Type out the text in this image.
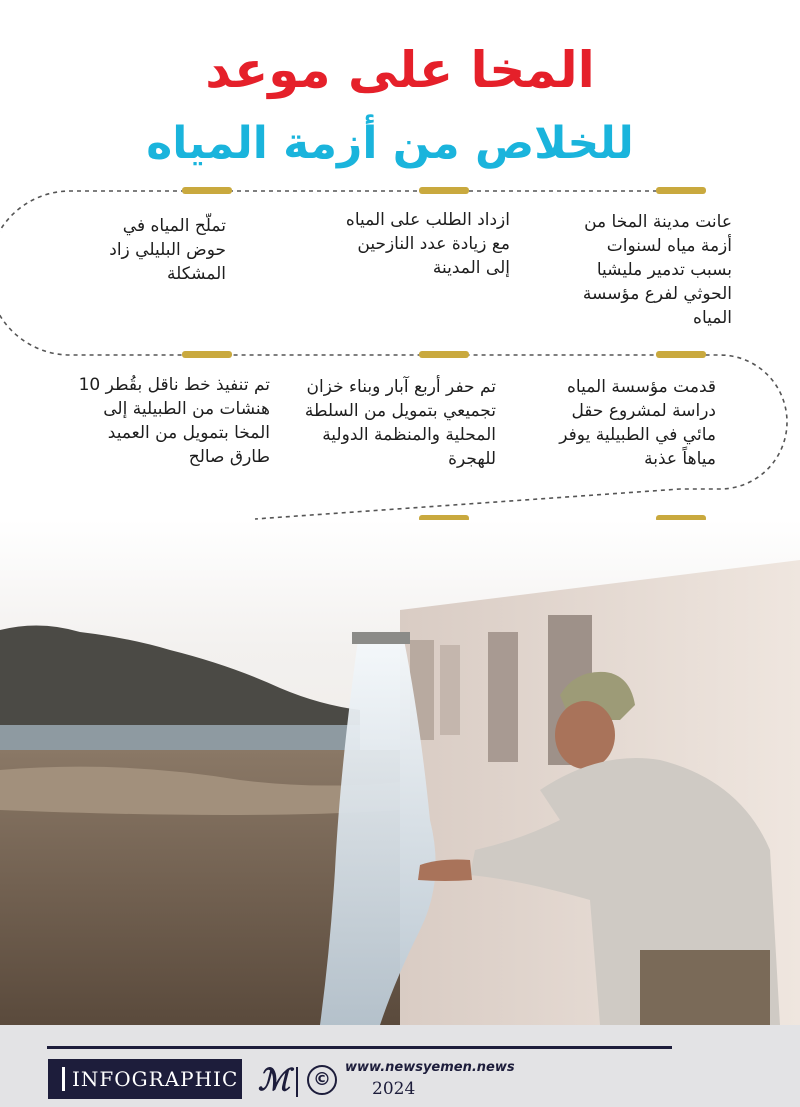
المخا على موعد
للخلاص من أزمة المياه
عانت مدينة المخا من أزمة مياه لسنوات بسبب تدمير مليشيا الحوثي لفرع مؤسسة المياه
ازداد الطلب على المياه مع زيادة عدد النازحين إلى المدينة
تملّح المياه في حوض البليلي زاد المشكلة
قدمت مؤسسة المياه دراسة لمشروع حقل مائي في الطبيلية يوفر مياهاً عذبة
تم حفر أربع آبار وبناء خزان تجميعي بتمويل من السلطة المحلية والمنظمة الدولية للهجرة
تم تنفيذ خط ناقل بقُطر 10 هنشات من الطبيلية إلى المخا بتمويل من العميد طارق صالح
INFOGRAPHIC ℳ	©
www.newsyemen.news
2024
